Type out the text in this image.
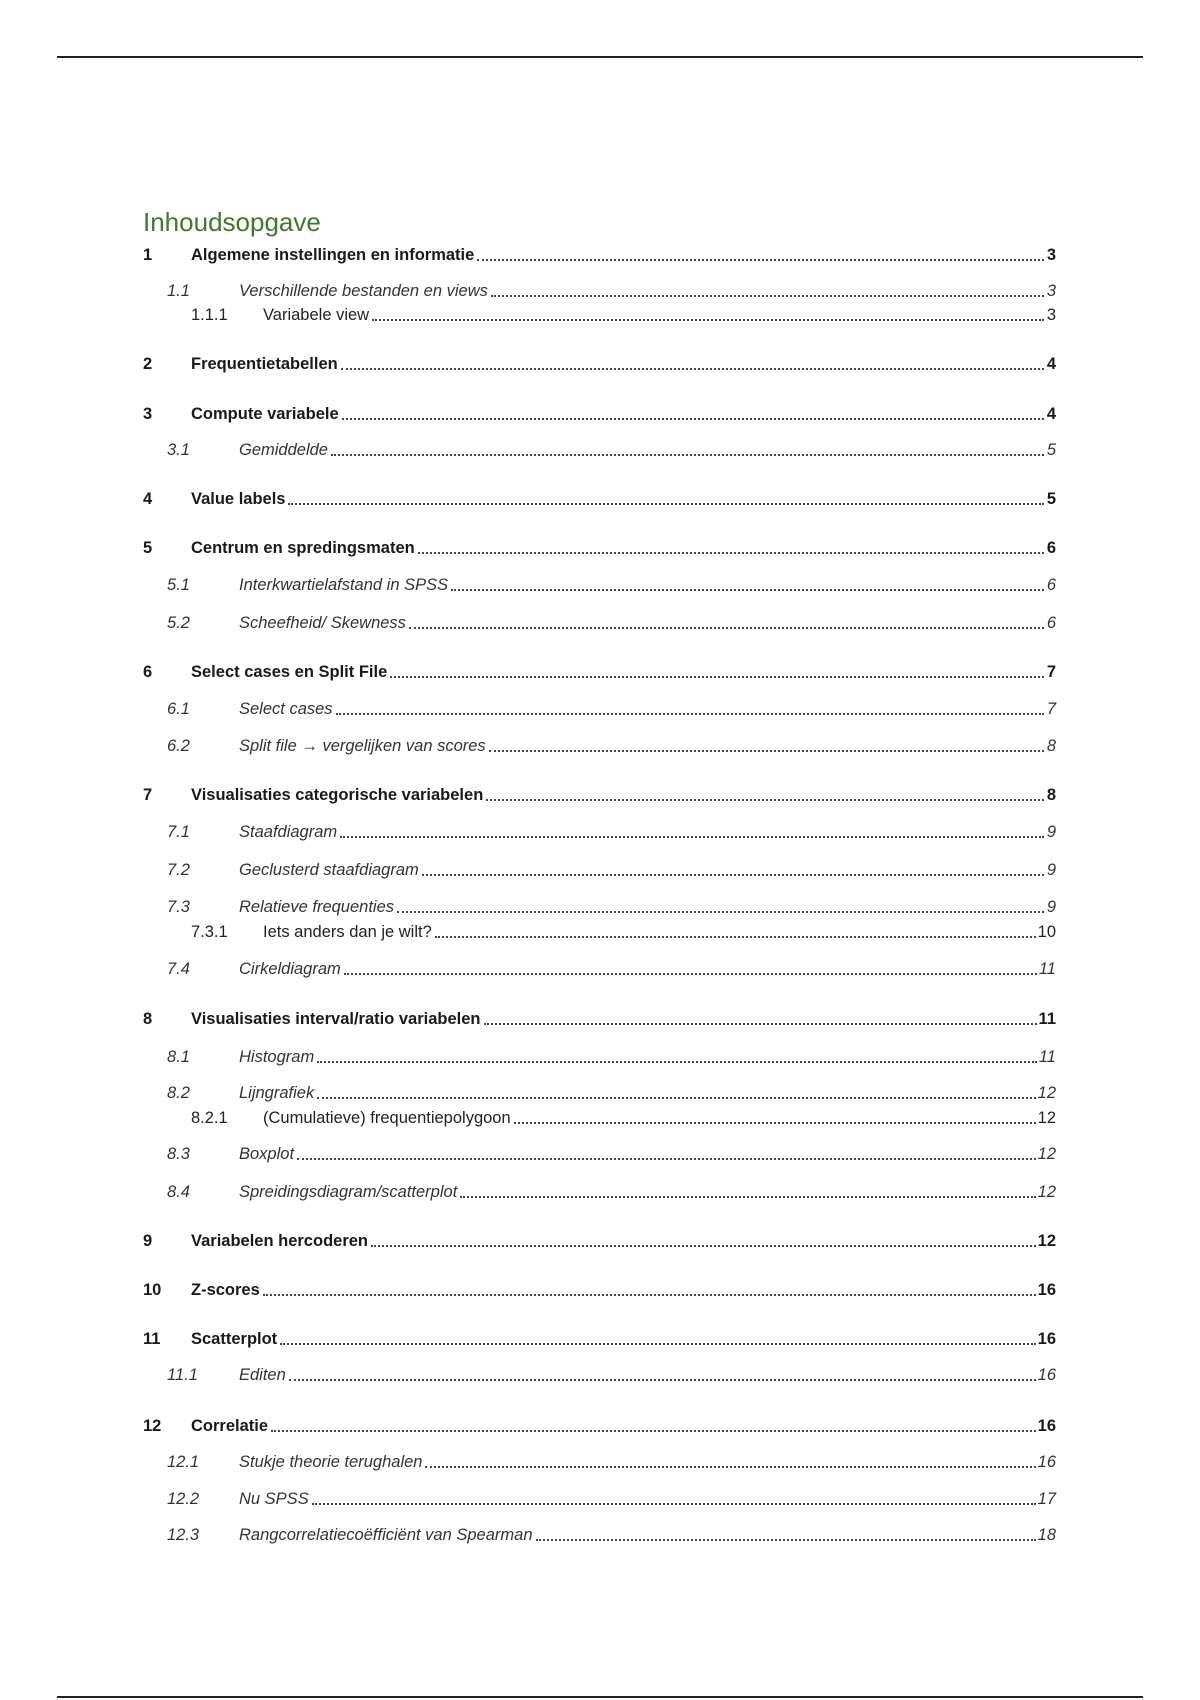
Inhoudsopgave
1	Algemene instellingen en informatie	3
1.1	Verschillende bestanden en views	3
1.1.1	Variabele view	3
2	Frequentietabellen	4
3	Compute variabele	4
3.1	Gemiddelde	5
4	Value labels	5
5	Centrum en spredingsmaten	6
5.1	Interkwartielafstand in SPSS	6
5.2	Scheefheid/ Skewness	6
6	Select cases en Split File	7
6.1	Select cases	7
6.2	Split file → vergelijken van scores	8
7	Visualisaties categorische variabelen	8
7.1	Staafdiagram	9
7.2	Geclusterd staafdiagram	9
7.3	Relatieve frequenties	9
7.3.1	Iets anders dan je wilt?	10
7.4	Cirkeldiagram	11
8	Visualisaties interval/ratio variabelen	11
8.1	Histogram	11
8.2	Lijngrafiek	12
8.2.1	(Cumulatieve) frequentiepolygoon	12
8.3	Boxplot	12
8.4	Spreidingsdiagram/scatterplot	12
9	Variabelen hercoderen	12
10	Z-scores	16
11	Scatterplot	16
11.1	Editen	16
12	Correlatie	16
12.1	Stukje theorie terughalen	16
12.2	Nu SPSS	17
12.3	Rangcorrelatiecoëfficiënt van Spearman	18
